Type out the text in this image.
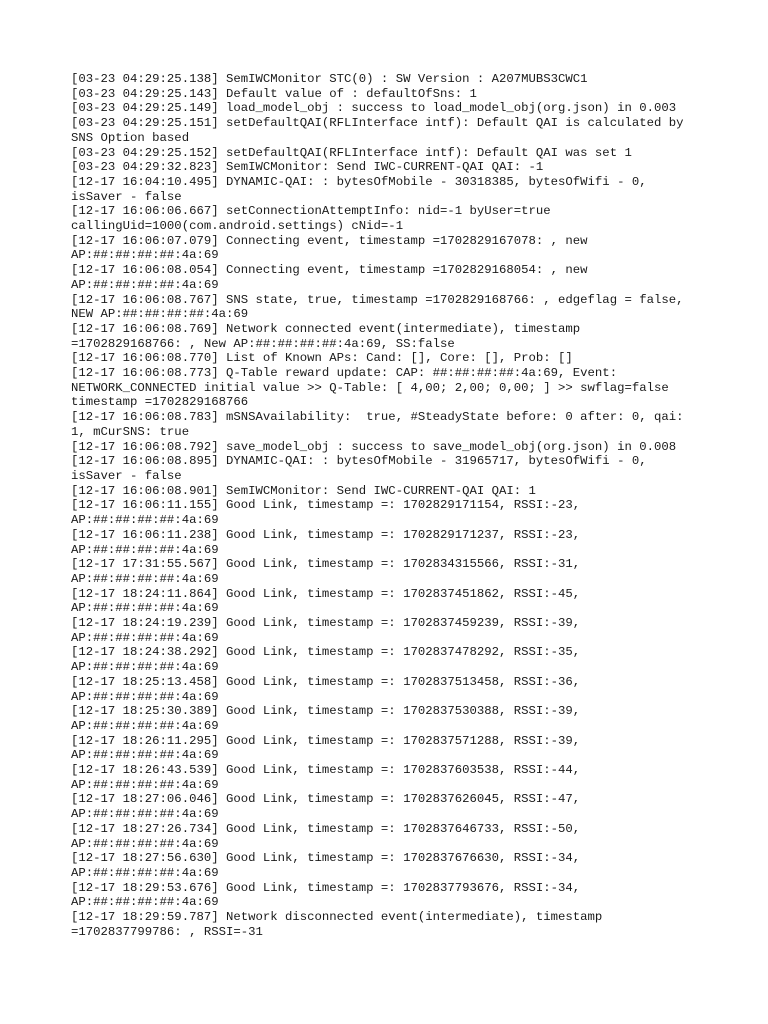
[03-23 04:29:25.138] SemIWCMonitor STC(0) : SW Version : A207MUBS3CWC1
[03-23 04:29:25.143] Default value of : defaultOfSns: 1
[03-23 04:29:25.149] load_model_obj : success to load_model_obj(org.json) in 0.003
[03-23 04:29:25.151] setDefaultQAI(RFLInterface intf): Default QAI is calculated by
SNS Option based
[03-23 04:29:25.152] setDefaultQAI(RFLInterface intf): Default QAI was set 1
[03-23 04:29:32.823] SemIWCMonitor: Send IWC-CURRENT-QAI QAI: -1
[12-17 16:04:10.495] DYNAMIC-QAI: : bytesOfMobile - 30318385, bytesOfWifi - 0,
isSaver - false
[12-17 16:06:06.667] setConnectionAttemptInfo: nid=-1 byUser=true
callingUid=1000(com.android.settings) cNid=-1
[12-17 16:06:07.079] Connecting event, timestamp =1702829167078: , new
AP:##:##:##:##:4a:69
[12-17 16:06:08.054] Connecting event, timestamp =1702829168054: , new
AP:##:##:##:##:4a:69
[12-17 16:06:08.767] SNS state, true, timestamp =1702829168766: , edgeflag = false,
NEW AP:##:##:##:##:4a:69
[12-17 16:06:08.769] Network connected event(intermediate), timestamp
=1702829168766: , New AP:##:##:##:##:4a:69, SS:false
[12-17 16:06:08.770] List of Known APs: Cand: [], Core: [], Prob: []
[12-17 16:06:08.773] Q-Table reward update: CAP: ##:##:##:##:4a:69, Event:
NETWORK_CONNECTED initial value >> Q-Table: [ 4,00; 2,00; 0,00; ] >> swflag=false
timestamp =1702829168766
[12-17 16:06:08.783] mSNSAvailability:  true, #SteadyState before: 0 after: 0, qai:
1, mCurSNS: true
[12-17 16:06:08.792] save_model_obj : success to save_model_obj(org.json) in 0.008
[12-17 16:06:08.895] DYNAMIC-QAI: : bytesOfMobile - 31965717, bytesOfWifi - 0,
isSaver - false
[12-17 16:06:08.901] SemIWCMonitor: Send IWC-CURRENT-QAI QAI: 1
[12-17 16:06:11.155] Good Link, timestamp =: 1702829171154, RSSI:-23,
AP:##:##:##:##:4a:69
[12-17 16:06:11.238] Good Link, timestamp =: 1702829171237, RSSI:-23,
AP:##:##:##:##:4a:69
[12-17 17:31:55.567] Good Link, timestamp =: 1702834315566, RSSI:-31,
AP:##:##:##:##:4a:69
[12-17 18:24:11.864] Good Link, timestamp =: 1702837451862, RSSI:-45,
AP:##:##:##:##:4a:69
[12-17 18:24:19.239] Good Link, timestamp =: 1702837459239, RSSI:-39,
AP:##:##:##:##:4a:69
[12-17 18:24:38.292] Good Link, timestamp =: 1702837478292, RSSI:-35,
AP:##:##:##:##:4a:69
[12-17 18:25:13.458] Good Link, timestamp =: 1702837513458, RSSI:-36,
AP:##:##:##:##:4a:69
[12-17 18:25:30.389] Good Link, timestamp =: 1702837530388, RSSI:-39,
AP:##:##:##:##:4a:69
[12-17 18:26:11.295] Good Link, timestamp =: 1702837571288, RSSI:-39,
AP:##:##:##:##:4a:69
[12-17 18:26:43.539] Good Link, timestamp =: 1702837603538, RSSI:-44,
AP:##:##:##:##:4a:69
[12-17 18:27:06.046] Good Link, timestamp =: 1702837626045, RSSI:-47,
AP:##:##:##:##:4a:69
[12-17 18:27:26.734] Good Link, timestamp =: 1702837646733, RSSI:-50,
AP:##:##:##:##:4a:69
[12-17 18:27:56.630] Good Link, timestamp =: 1702837676630, RSSI:-34,
AP:##:##:##:##:4a:69
[12-17 18:29:53.676] Good Link, timestamp =: 1702837793676, RSSI:-34,
AP:##:##:##:##:4a:69
[12-17 18:29:59.787] Network disconnected event(intermediate), timestamp
=1702837799786: , RSSI=-31
